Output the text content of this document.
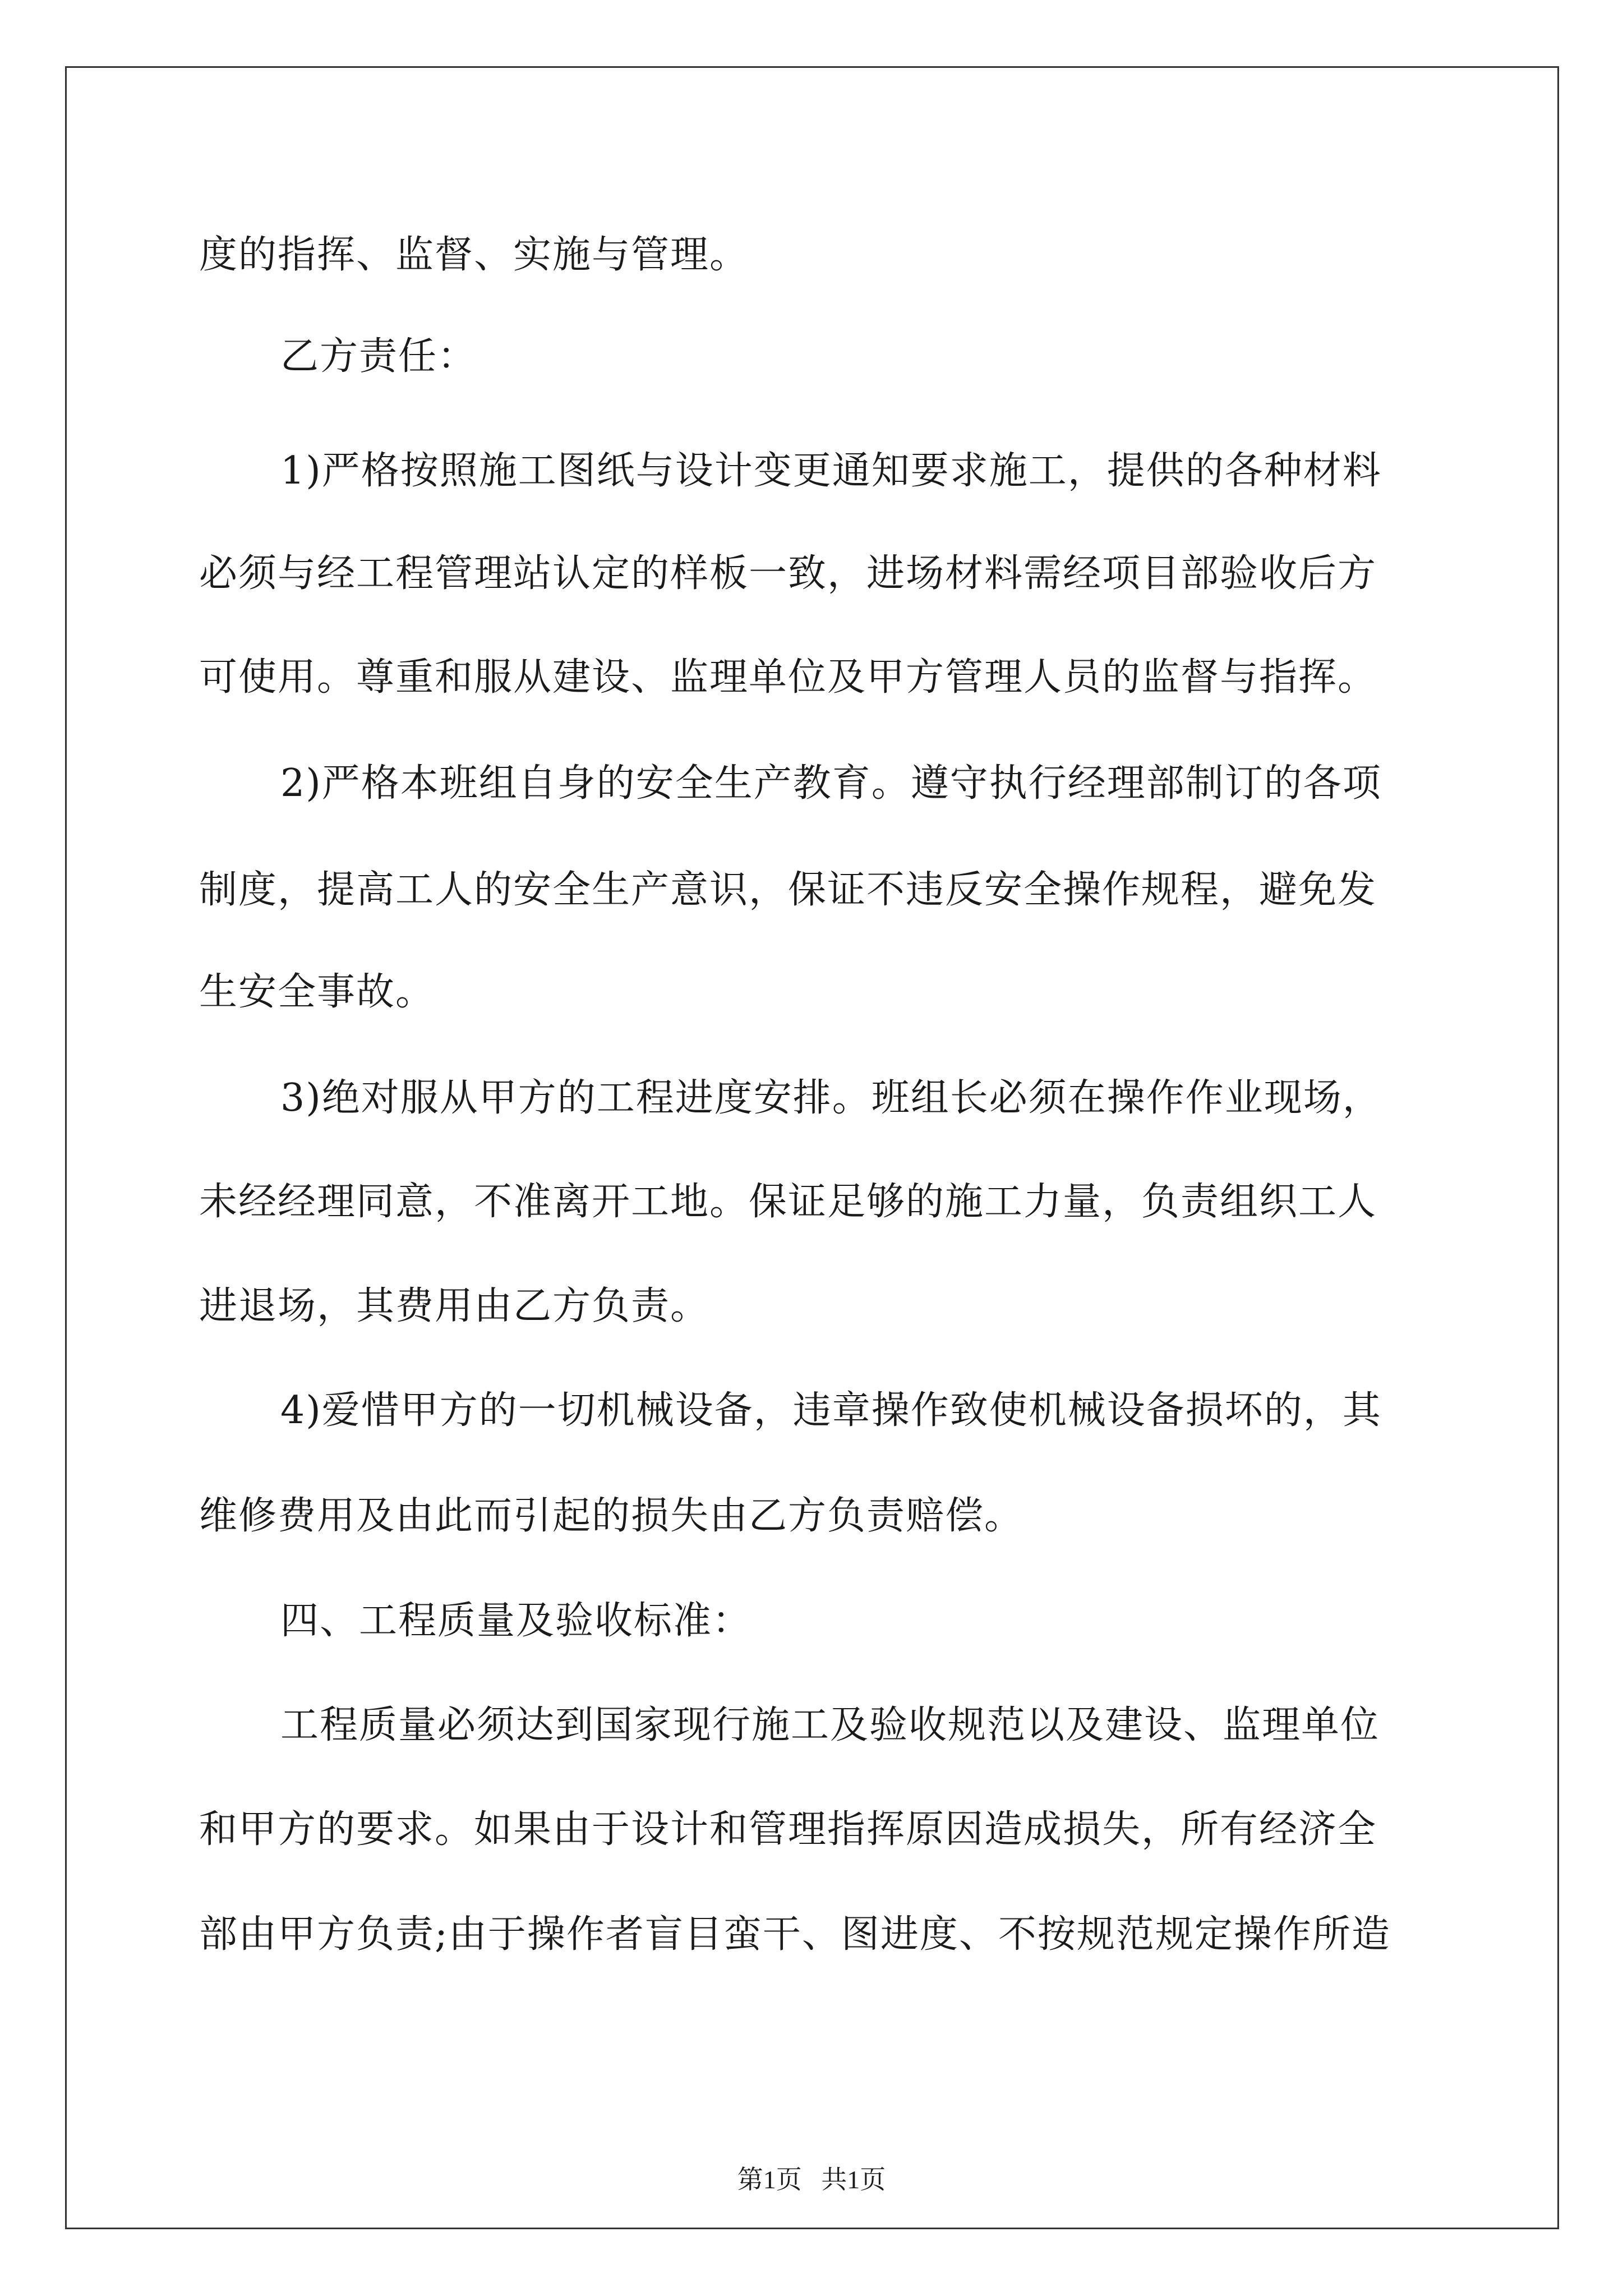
度的指挥、监督、实施与管理。
乙方责任：
1)严格按照施工图纸与设计变更通知要求施工，提供的各种材料
必须与经工程管理站认定的样板一致，进场材料需经项目部验收后方
可使用。尊重和服从建设、监理单位及甲方管理人员的监督与指挥。
2)严格本班组自身的安全生产教育。遵守执行经理部制订的各项
制度，提高工人的安全生产意识，保证不违反安全操作规程，避免发
生安全事故。
3)绝对服从甲方的工程进度安排。班组长必须在操作作业现场，
未经经理同意，不准离开工地。保证足够的施工力量，负责组织工人
进退场，其费用由乙方负责。
4)爱惜甲方的一切机械设备，违章操作致使机械设备损坏的，其
维修费用及由此而引起的损失由乙方负责赔偿。
四、工程质量及验收标准：
工程质量必须达到国家现行施工及验收规范以及建设、监理单位
和甲方的要求。如果由于设计和管理指挥原因造成损失，所有经济全
部由甲方负责;由于操作者盲目蛮干、图进度、不按规范规定操作所造
第1页   共1页
